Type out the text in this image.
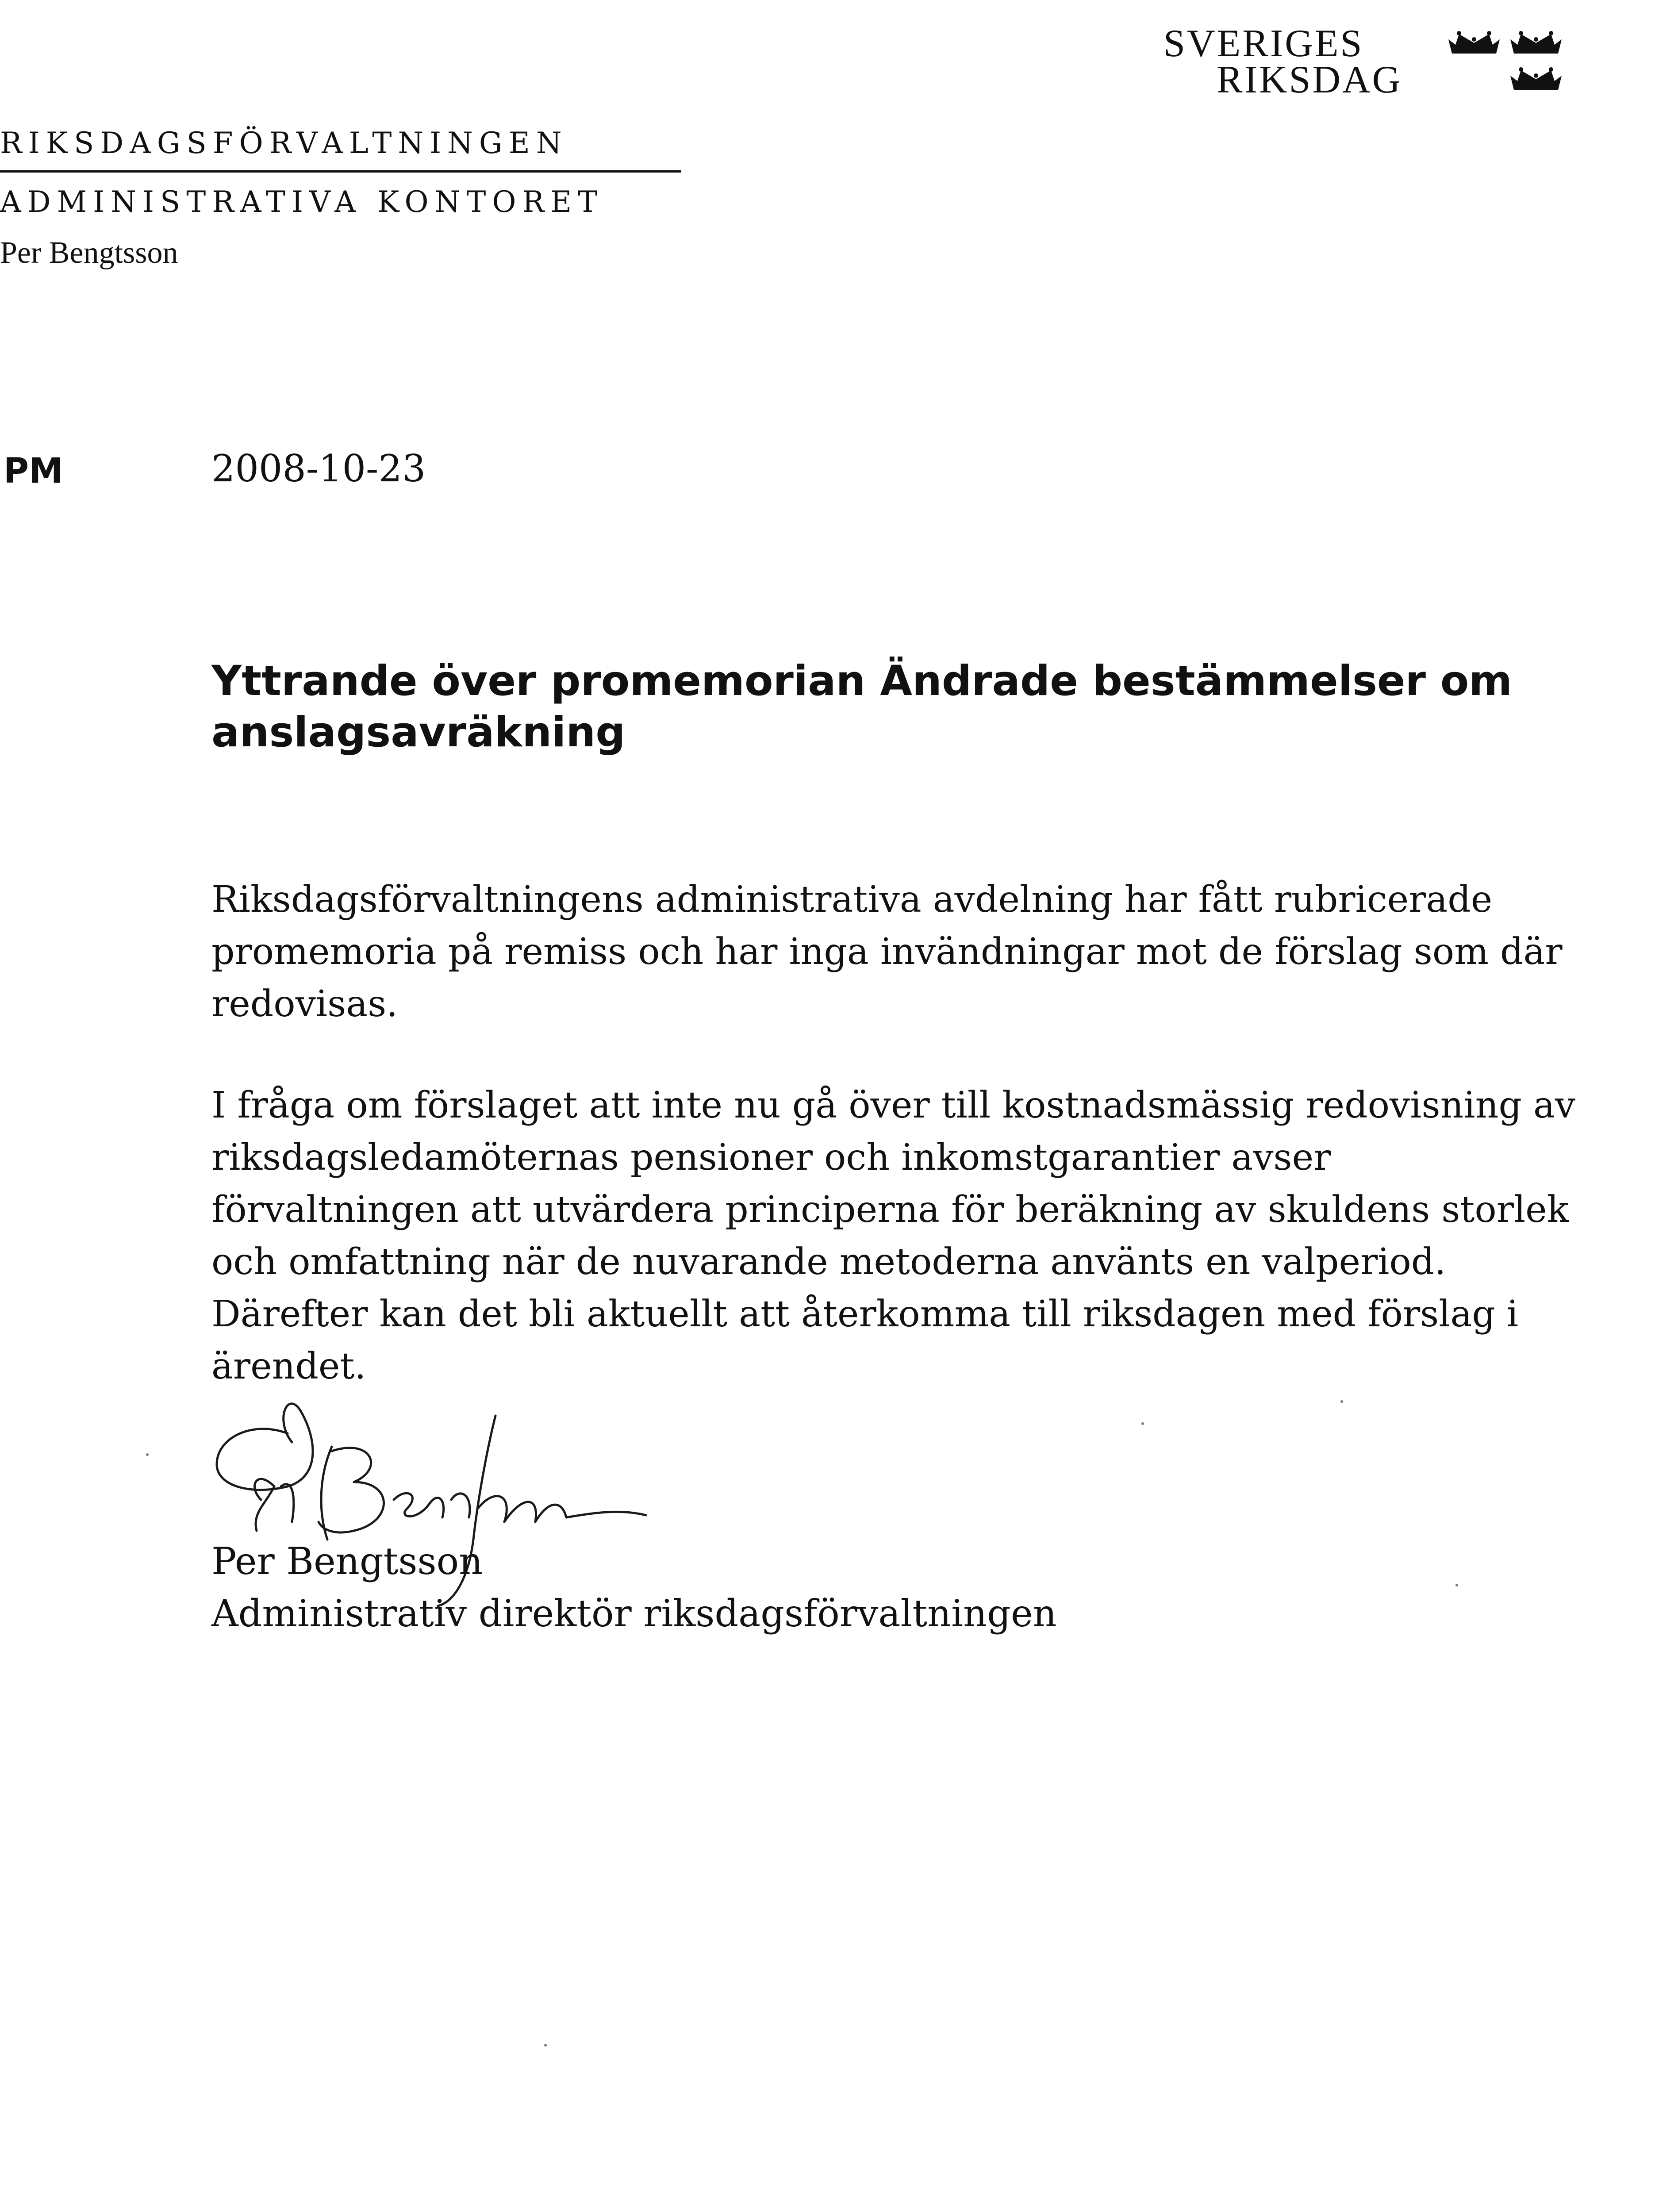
SVERIGES
RIKSDAG
RIKSDAGSFÖRVALTNINGEN
ADMINISTRATIVA KONTORET
Per Bengtsson
PM	2008-10-23
Yttrande över promemorian Ändrade bestämmelser om anslagsavräkning

Riksdagsförvaltningens administrativa avdelning har fått rubricerade promemoria på remiss och har inga invändningar mot de förslag som där redovisas.

I fråga om förslaget att inte nu gå över till kostnadsmässig redovisning av riksdagsledamöternas pensioner och inkomstgarantier avser förvaltningen att utvärdera principerna för beräkning av skuldens storlek och omfattning när de nuvarande metoderna använts en valperiod. Därefter kan det bli aktuellt att återkomma till riksdagen med förslag i ärendet.

Per Bengtsson
Administrativ direktör riksdagsförvaltningen
